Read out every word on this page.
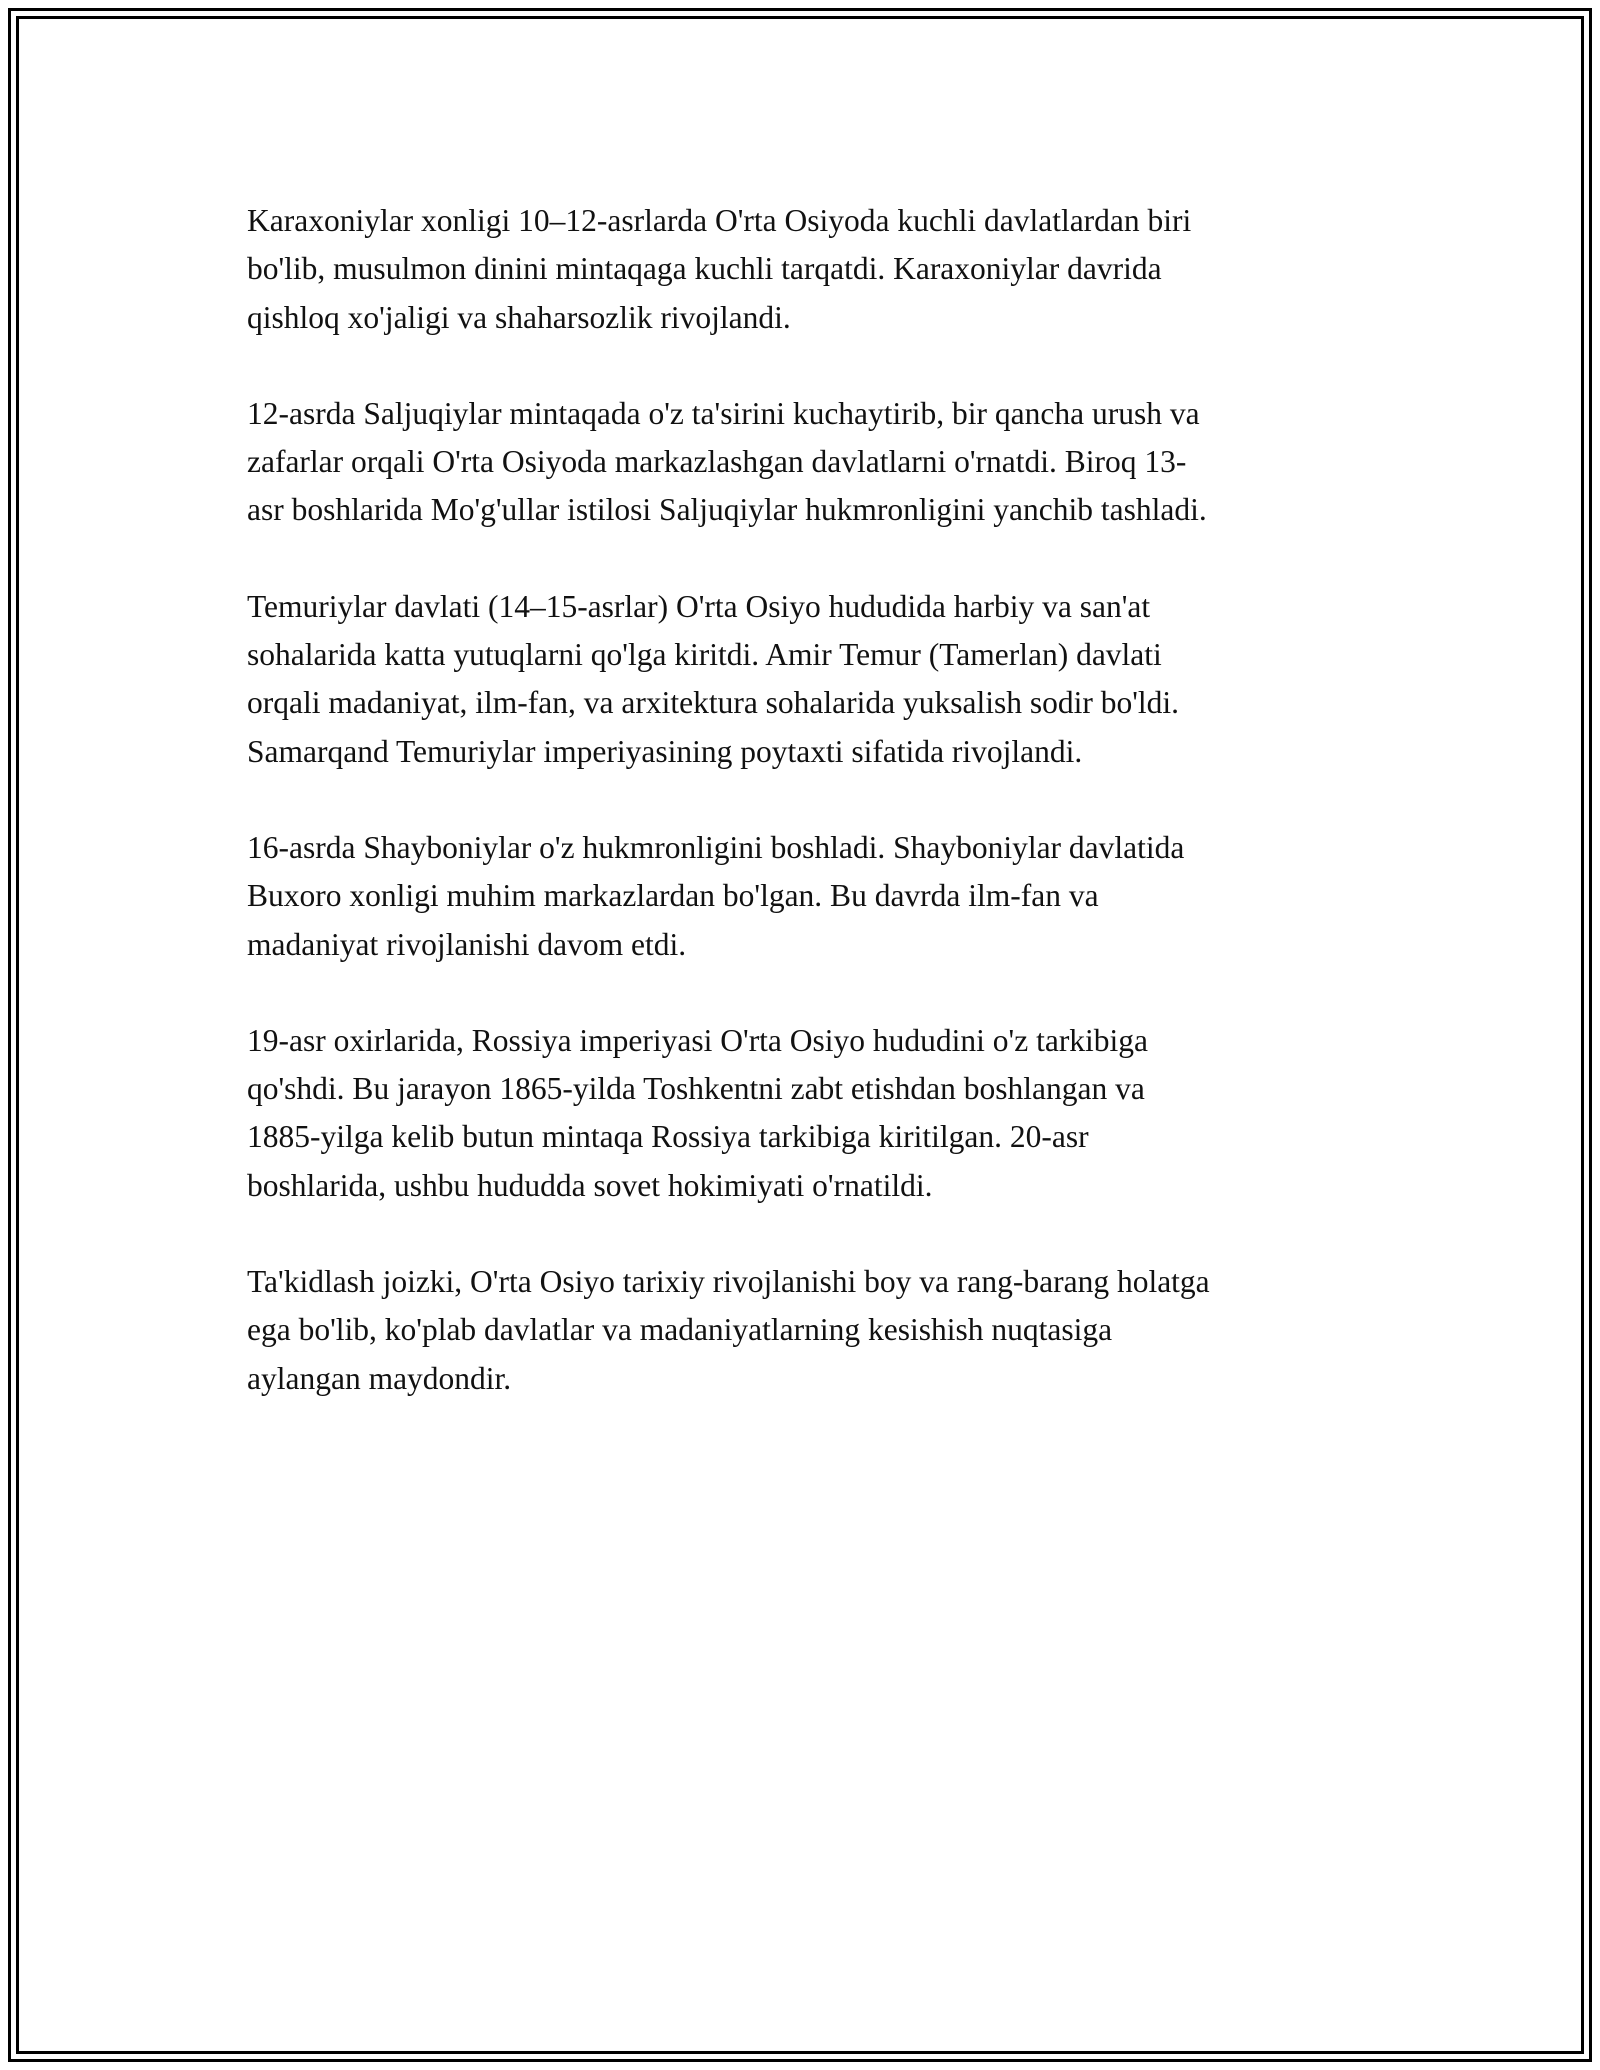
Karaxoniylar xonligi 10–12-asrlarda O'rta Osiyoda kuchli davlatlardan biri
bo'lib, musulmon dinini mintaqaga kuchli tarqatdi. Karaxoniylar davrida
qishloq xo'jaligi va shaharsozlik rivojlandi.

12-asrda Saljuqiylar mintaqada o'z ta'sirini kuchaytirib, bir qancha urush va
zafarlar orqali O'rta Osiyoda markazlashgan davlatlarni o'rnatdi. Biroq 13-
asr boshlarida Mo'g'ullar istilosi Saljuqiylar hukmronligini yanchib tashladi.

Temuriylar davlati (14–15-asrlar) O'rta Osiyo hududida harbiy va san'at
sohalarida katta yutuqlarni qo'lga kiritdi. Amir Temur (Tamerlan) davlati
orqali madaniyat, ilm-fan, va arxitektura sohalarida yuksalish sodir bo'ldi.
Samarqand Temuriylar imperiyasining poytaxti sifatida rivojlandi.

16-asrda Shayboniylar o'z hukmronligini boshladi. Shayboniylar davlatida
Buxoro xonligi muhim markazlardan bo'lgan. Bu davrda ilm-fan va
madaniyat rivojlanishi davom etdi.

19-asr oxirlarida, Rossiya imperiyasi O'rta Osiyo hududini o'z tarkibiga
qo'shdi. Bu jarayon 1865-yilda Toshkentni zabt etishdan boshlangan va
1885-yilga kelib butun mintaqa Rossiya tarkibiga kiritilgan. 20-asr
boshlarida, ushbu hududda sovet hokimiyati o'rnatildi.

Ta'kidlash joizki, O'rta Osiyo tarixiy rivojlanishi boy va rang-barang holatga
ega bo'lib, ko'plab davlatlar va madaniyatlarning kesishish nuqtasiga
aylangan maydondir.
